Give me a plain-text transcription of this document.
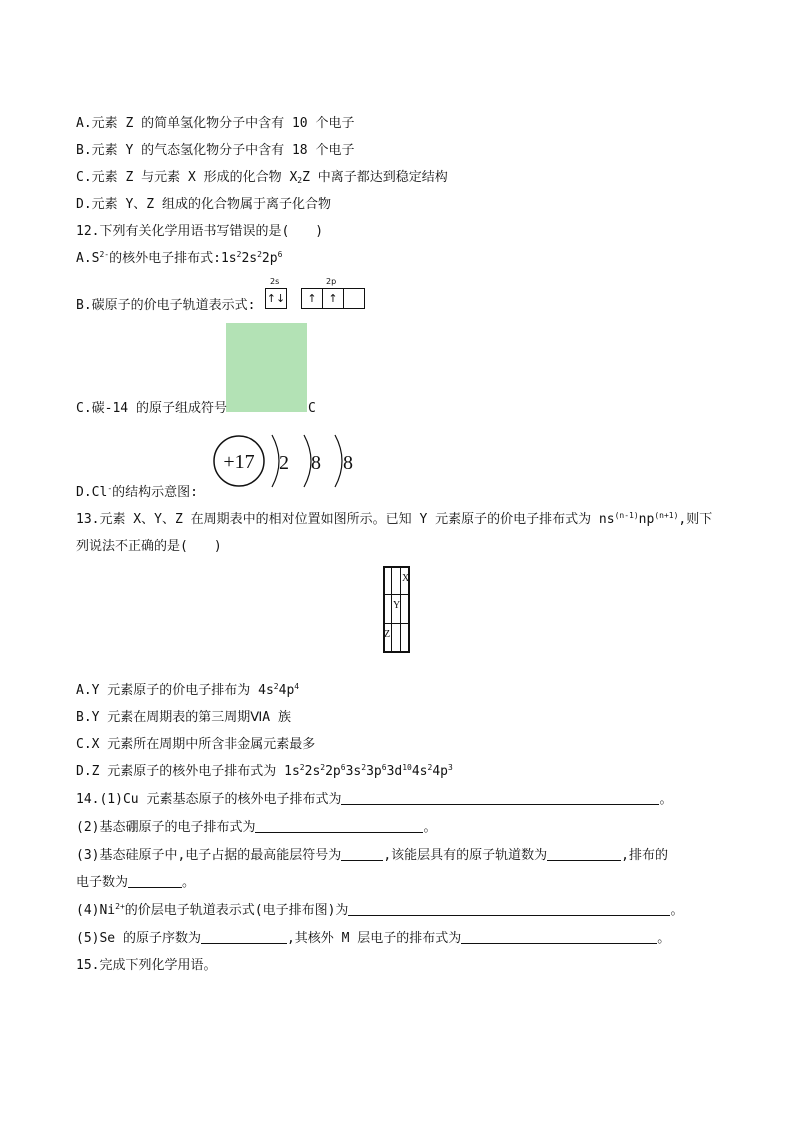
A.元素 Z 的简单氢化物分子中含有 10 个电子
B.元素 Y 的气态氢化物分子中含有 18 个电子
C.元素 Z 与元素 X 形成的化合物 $X_2Z$ 中离子都达到稳定结构
D.元素 Y、Z 组成的化合物属于离子化合物
12.下列有关化学用语书写错误的是(　　)
$A.S^{2-}$的核外电子排布式$:1s^22s^22p^6$
B.碳原子的价电子轨道表示式:
2s	2p
↑↓ ↑ ↑
C.碳-14 的原子组成符号	C
+17 2 8 8
D.Cl-的结构示意图:
13.元素 X、Y、Z 在周期表中的相对位置如图所示。已知 Y 元素原子的价电子排布式为 $ns^{(n-1)}np^{(n+1)}$,则下
列说法不正确的是(　　)
X
Y
Z
A.Y 元素原子的价电子排布为 $4s^24p^4$
B.Y 元素在周期表的第三周期ⅥA 族
C.X 元素所在周期中所含非金属元素最多
D.Z 元素原子的核外电子排布式为 $1s^22s^22p^63s^23p^63d^{10}4s^24p^3$
14.(1)Cu 元素基态原子的核外电子排布式为	。
(2)基态硼原子的电子排布式为	。
(3)基态硅原子中,电子占据的最高能层符号为	,该能层具有的原子轨道数为	,排布的
电子数为	。
$(4)Ni^{2+}$的价层电子轨道表示式(电子排布图)为	。
(5)Se 的原子序数为	,其核外 M 层电子的排布式为	。
15.完成下列化学用语。
